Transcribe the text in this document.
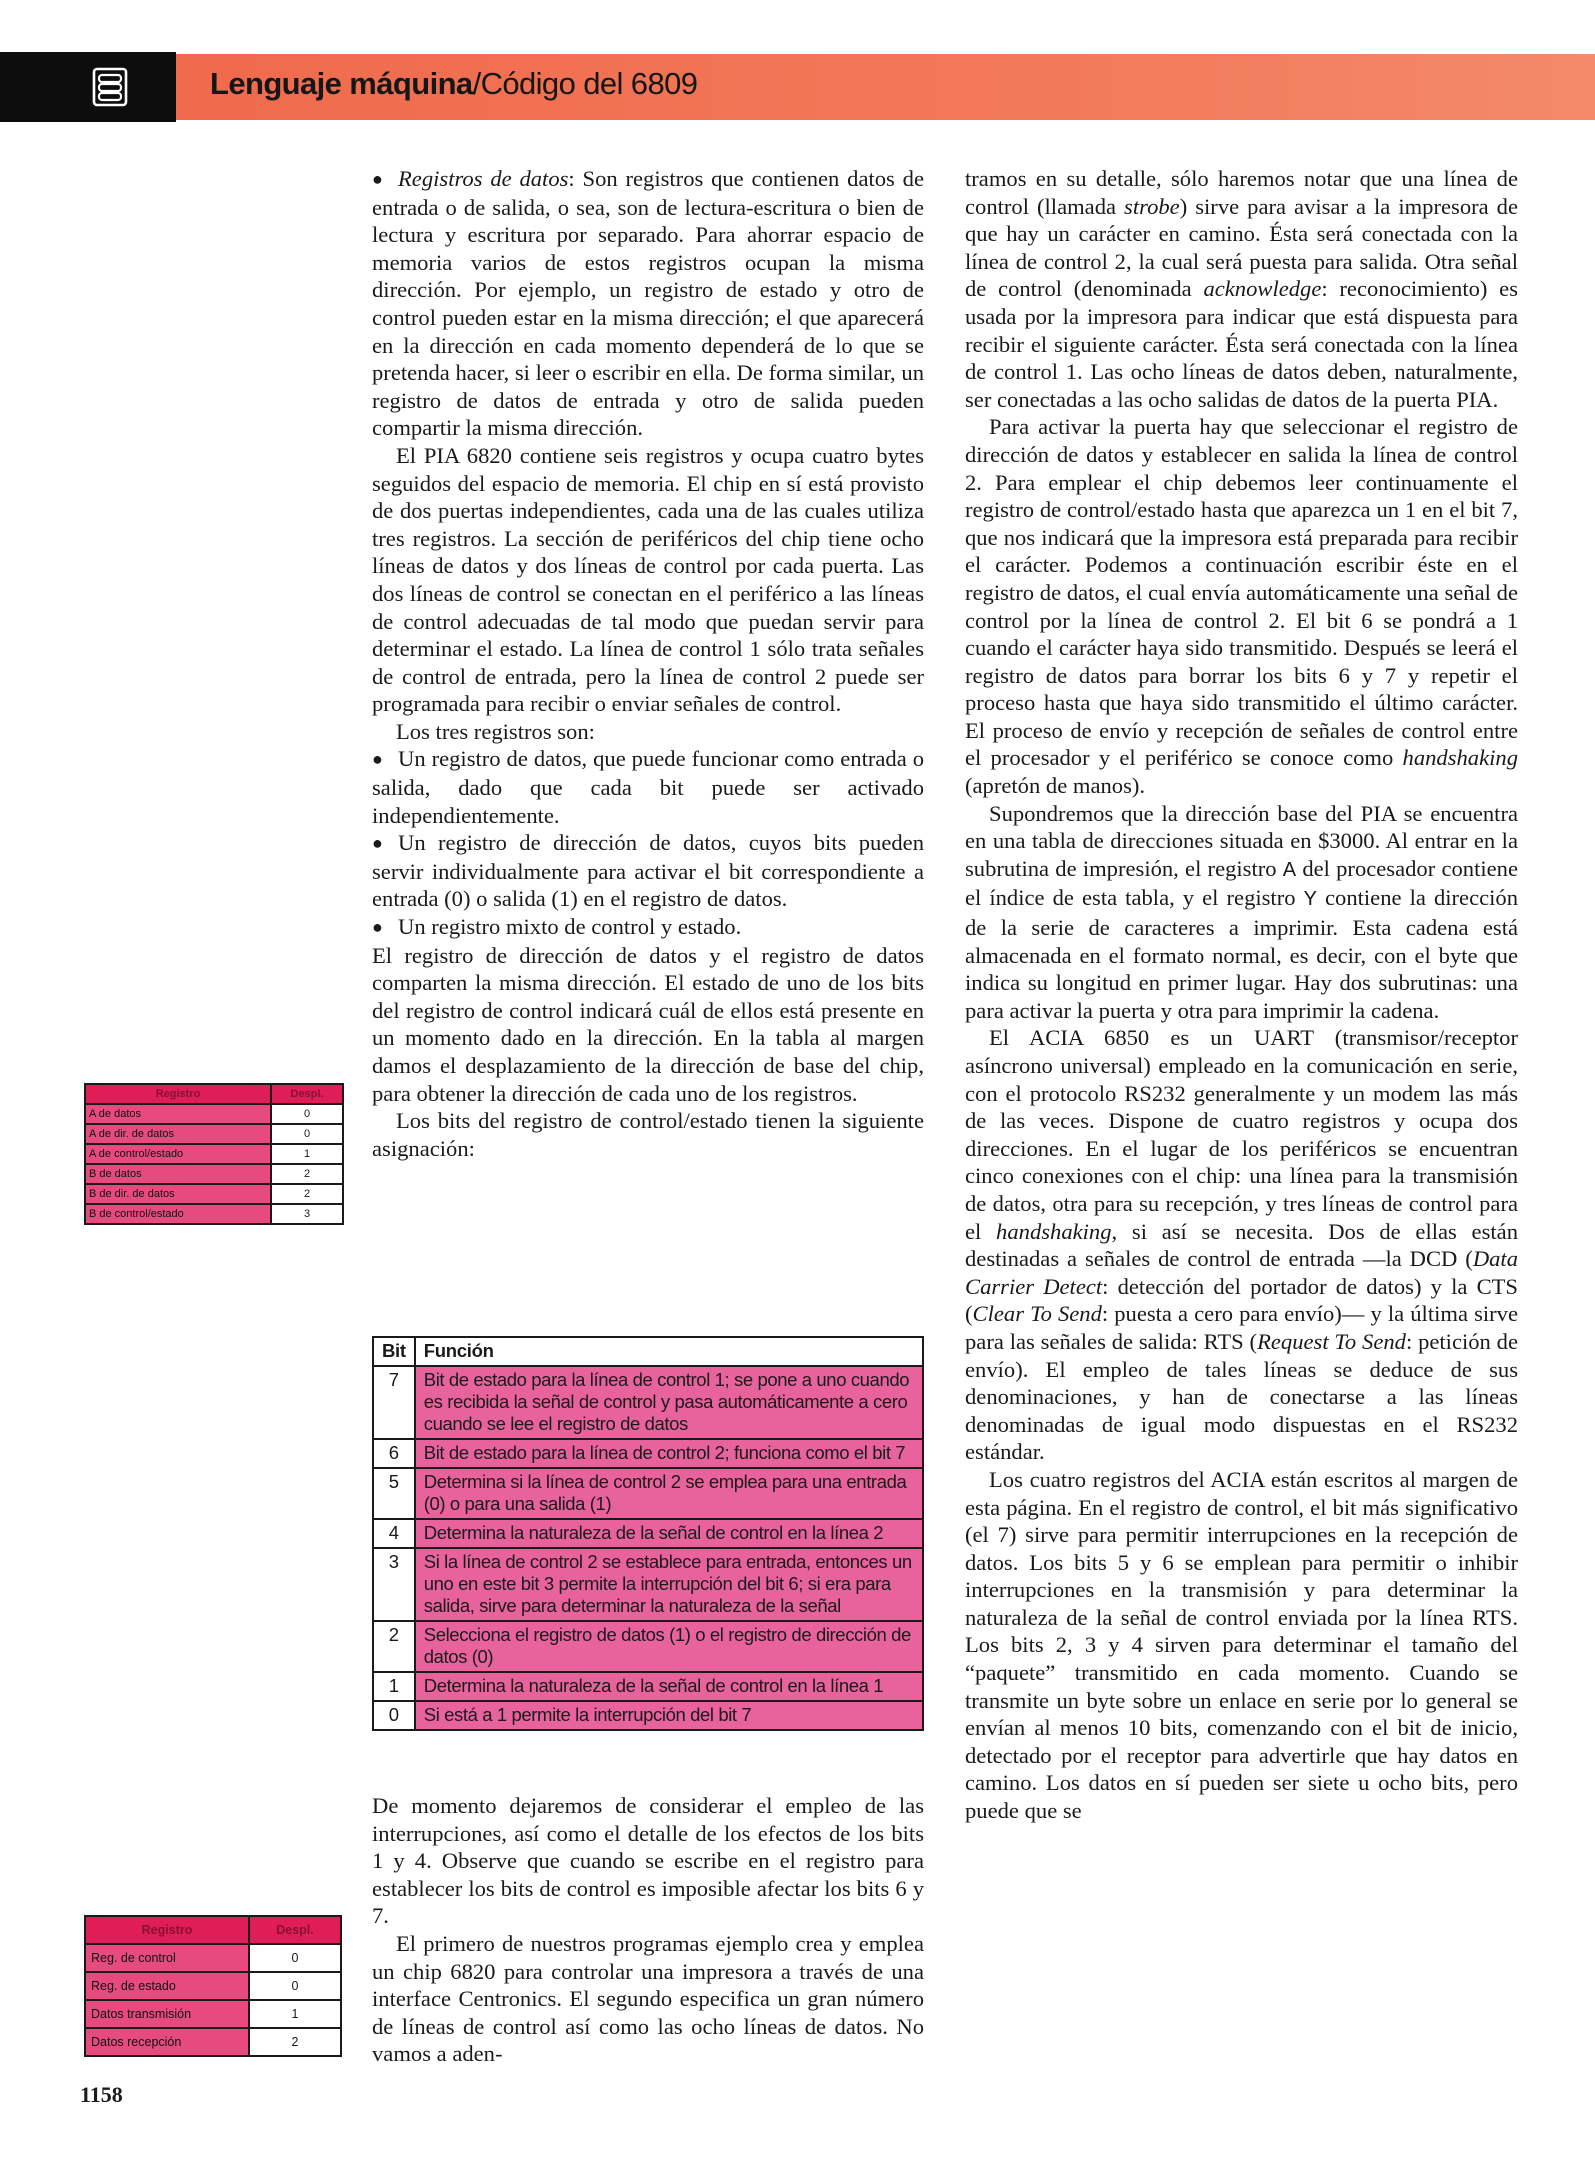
Lenguaje máquina/Código del 6809

● Registros de datos: Son registros que contienen datos de entrada o de salida, o sea, son de lectura-escritura o bien de lectura y escritura por separado. Para ahorrar espacio de memoria varios de estos registros ocupan la misma dirección. Por ejemplo, un registro de estado y otro de control pueden estar en la misma dirección; el que aparecerá en la dirección en cada momento dependerá de lo que se pretenda hacer, si leer o escribir en ella. De forma similar, un registro de datos de entrada y otro de salida pueden compartir la misma dirección.

El PIA 6820 contiene seis registros y ocupa cuatro bytes seguidos del espacio de memoria. El chip en sí está provisto de dos puertas independientes, cada una de las cuales utiliza tres registros. La sección de periféricos del chip tiene ocho líneas de datos y dos líneas de control por cada puerta. Las dos líneas de control se conectan en el periférico a las líneas de control adecuadas de tal modo que puedan servir para determinar el estado. La línea de control 1 sólo trata señales de control de entrada, pero la línea de control 2 puede ser programada para recibir o enviar señales de control.

Los tres registros son:

● Un registro de datos, que puede funcionar como entrada o salida, dado que cada bit puede ser activado independientemente.

● Un registro de dirección de datos, cuyos bits pueden servir individualmente para activar el bit correspondiente a entrada (0) o salida (1) en el registro de datos.

● Un registro mixto de control y estado.

El registro de dirección de datos y el registro de datos comparten la misma dirección. El estado de uno de los bits del registro de control indicará cuál de ellos está presente en un momento dado en la dirección. En la tabla al margen damos el desplazamiento de la dirección de base del chip, para obtener la dirección de cada uno de los registros.

Los bits del registro de control/estado tienen la siguiente asignación:

Bit	Función
7	Bit de estado para la línea de control 1; se pone a uno cuando es recibida la señal de control y pasa automáticamente a cero cuando se lee el registro de datos
6	Bit de estado para la línea de control 2; funciona como el bit 7
5	Determina si la línea de control 2 se emplea para una entrada (0) o para una salida (1)
4	Determina la naturaleza de la señal de control en la línea 2
3	Si la línea de control 2 se establece para entrada, entonces un uno en este bit 3 permite la interrupción del bit 6; si era para salida, sirve para determinar la naturaleza de la señal
2	Selecciona el registro de datos (1) o el registro de dirección de datos (0)
1	Determina la naturaleza de la señal de control en la línea 1
0	Si está a 1 permite la interrupción del bit 7

De momento dejaremos de considerar el empleo de las interrupciones, así como el detalle de los efectos de los bits 1 y 4. Observe que cuando se escribe en el registro para establecer los bits de control es imposible afectar los bits 6 y 7.

El primero de nuestros programas ejemplo crea y emplea un chip 6820 para controlar una impresora a través de una interface Centronics. El segundo especifica un gran número de líneas de control así como las ocho líneas de datos. No vamos a aden-

tramos en su detalle, sólo haremos notar que una línea de control (llamada strobe) sirve para avisar a la impresora de que hay un carácter en camino. Ésta será conectada con la línea de control 2, la cual será puesta para salida. Otra señal de control (denominada acknowledge: reconocimiento) es usada por la impresora para indicar que está dispuesta para recibir el siguiente carácter. Ésta será conectada con la línea de control 1. Las ocho líneas de datos deben, naturalmente, ser conectadas a las ocho salidas de datos de la puerta PIA.

Para activar la puerta hay que seleccionar el registro de dirección de datos y establecer en salida la línea de control 2. Para emplear el chip debemos leer continuamente el registro de control/estado hasta que aparezca un 1 en el bit 7, que nos indicará que la impresora está preparada para recibir el carácter. Podemos a continuación escribir éste en el registro de datos, el cual envía automáticamente una señal de control por la línea de control 2. El bit 6 se pondrá a 1 cuando el carácter haya sido transmitido. Después se leerá el registro de datos para borrar los bits 6 y 7 y repetir el proceso hasta que haya sido transmitido el último carácter. El proceso de envío y recepción de señales de control entre el procesador y el periférico se conoce como handshaking (apretón de manos).

Supondremos que la dirección base del PIA se encuentra en una tabla de direcciones situada en $3000. Al entrar en la subrutina de impresión, el registro A del procesador contiene el índice de esta tabla, y el registro Y contiene la dirección de la serie de caracteres a imprimir. Esta cadena está almacenada en el formato normal, es decir, con el byte que indica su longitud en primer lugar. Hay dos subrutinas: una para activar la puerta y otra para imprimir la cadena.

El ACIA 6850 es un UART (transmisor/receptor asíncrono universal) empleado en la comunicación en serie, con el protocolo RS232 generalmente y un modem las más de las veces. Dispone de cuatro registros y ocupa dos direcciones. En el lugar de los periféricos se encuentran cinco conexiones con el chip: una línea para la transmisión de datos, otra para su recepción, y tres líneas de control para el handshaking, si así se necesita. Dos de ellas están destinadas a señales de control de entrada —la DCD (Data Carrier Detect: detección del portador de datos) y la CTS (Clear To Send: puesta a cero para envío)— y la última sirve para las señales de salida: RTS (Request To Send: petición de envío). El empleo de tales líneas se deduce de sus denominaciones, y han de conectarse a las líneas denominadas de igual modo dispuestas en el RS232 estándar.

Los cuatro registros del ACIA están escritos al margen de esta página. En el registro de control, el bit más significativo (el 7) sirve para permitir interrupciones en la recepción de datos. Los bits 5 y 6 se emplean para permitir o inhibir interrupciones en la transmisión y para determinar la naturaleza de la señal de control enviada por la línea RTS. Los bits 2, 3 y 4 sirven para determinar el tamaño del “paquete” transmitido en cada momento. Cuando se transmite un byte sobre un enlace en serie por lo general se envían al menos 10 bits, comenzando con el bit de inicio, detectado por el receptor para advertirle que hay datos en camino. Los datos en sí pueden ser siete u ocho bits, pero puede que se

Registro	Despl.
A de datos	0
A de dir. de datos	0
A de control/estado	1
B de datos	2
B de dir. de datos	2
B de control/estado	3
Registro	Despl.
Reg. de control	0
Reg. de estado	0
Datos transmisión	1
Datos recepción	2
1158
